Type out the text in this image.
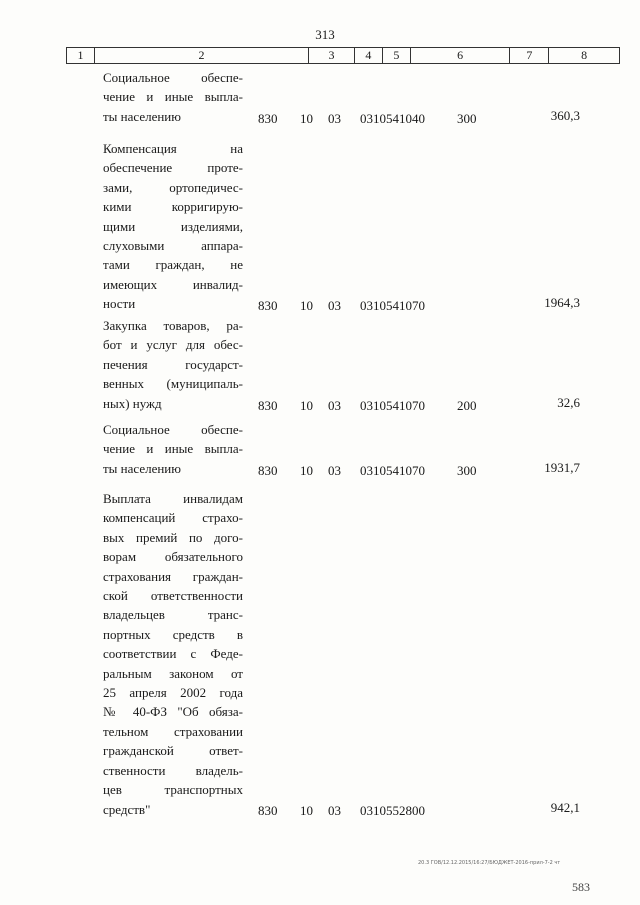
313
1	2	3	4	5	6	7	8
Социальное обеспе-
чение и иные выпла-
ты населению	830 10 03 0310541040 300	360,3
Компенсация на
обеспечение проте-
зами, ортопедичес-
кими корригирую-
щими изделиями,
слуховыми аппара-
тами граждан, не
имеющих инвалид-
ности	830 10 03 0310541070	1964,3
Закупка товаров, ра-
бот и услуг для обес-
печения государст-
венных (муниципаль-
ных) нужд	830 10 03 0310541070 200	32,6
Социальное обеспе-
чение и иные выпла-
ты населению	830 10 03 0310541070 300	1931,7
Выплата инвалидам
компенсаций страхо-
вых премий по дого-
ворам обязательного
страхования граждан-
ской ответственности
владельцев транс-
портных средств в
соответствии с Феде-
ральным законом от
25 апреля 2002 года
№ 40-ФЗ "Об обяза-
тельном страховании
гражданской ответ-
ственности владель-
цев транспортных
средств"	830 10 03 0310552800	942,1
20.3 ГОВ/12.12.2015/16:27/БЮДЖЕТ-2016-прил-7-2 чт
583
